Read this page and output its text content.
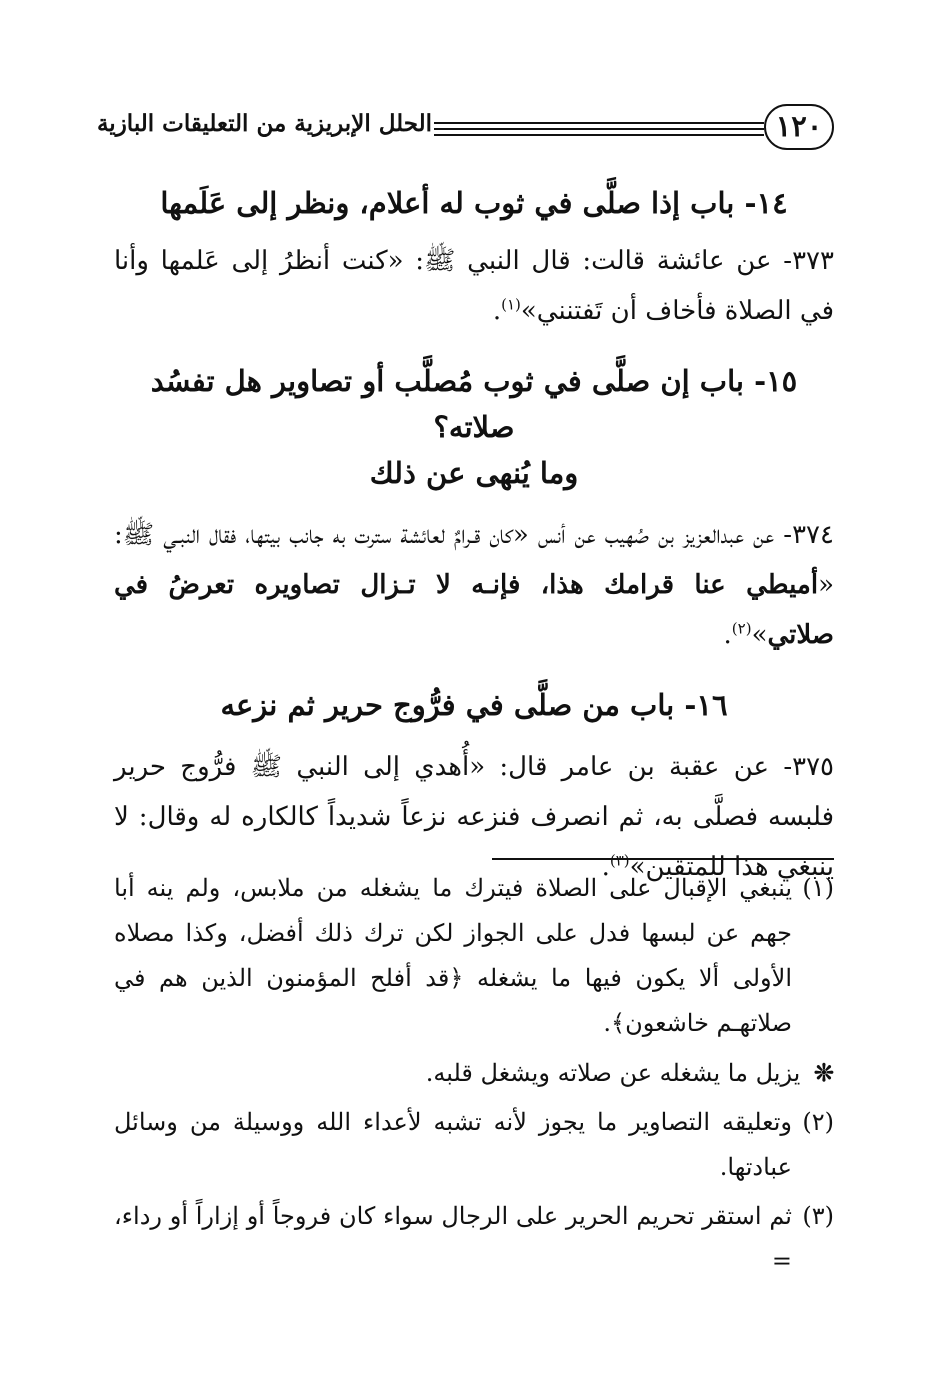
١٢٠
الحلل الإبريزية من التعليقات البازية
١٤- باب إذا صلَّى في ثوب له أعلام، ونظر إلى عَلَمها

٣٧٣- عن عائشة قالت: قال النبي ﷺ: «كنت أنظرُ إلى عَلمها وأنا في الصلاة فأخاف أن تَفتنني»$^{(١)}$.

١٥- باب إن صلَّى في ثوب مُصلَّب أو تصاوير هل تفسُد صلاته؟
وما يُنهى عن ذلك

٣٧٤- عن عبدالعزيز بن صُهيب عن أنس «كان قـرامٌ لعائشة سترت به جانب بيتها، فقال النبـي ﷺ: «أميطي عنا قرامك هذا، فإنـه لا تـزال تصاويره تعرضُ في صلاتي»$^{(٢)}$.

١٦- باب من صلَّى في فرُّوج حرير ثم نزعه

٣٧٥- عن عقبة بن عامر قال: «أُهدي إلى النبي ﷺ فرُّوج حرير فلبسه فصلَّى به، ثم انصرف فنزعه نزعاً شديداً كالكاره له وقال: لا ينبغي هذا للمتقين»$^{(٣)}$.

(١)ينبغي الإقبال على الصلاة فيترك ما يشغله من ملابس، ولم ينه أبا جهم عن لبسها فدل على الجواز لكن ترك ذلك أفضل، وكذا مصلاه الأولى ألا يكون فيها ما يشغله ﴿قد أفلح المؤمنون الذين هم في صلاتهـم خاشعون﴾.

❊ يزيل ما يشغله عن صلاته ويشغل قلبه.

(٢)وتعليقه التصاوير ما يجوز لأنه تشبه لأعداء الله ووسيلة من وسائل عبادتها.

(٣)ثم استقر تحريم الحرير على الرجال سواء كان فروجاً أو إزاراً أو رداء، =
